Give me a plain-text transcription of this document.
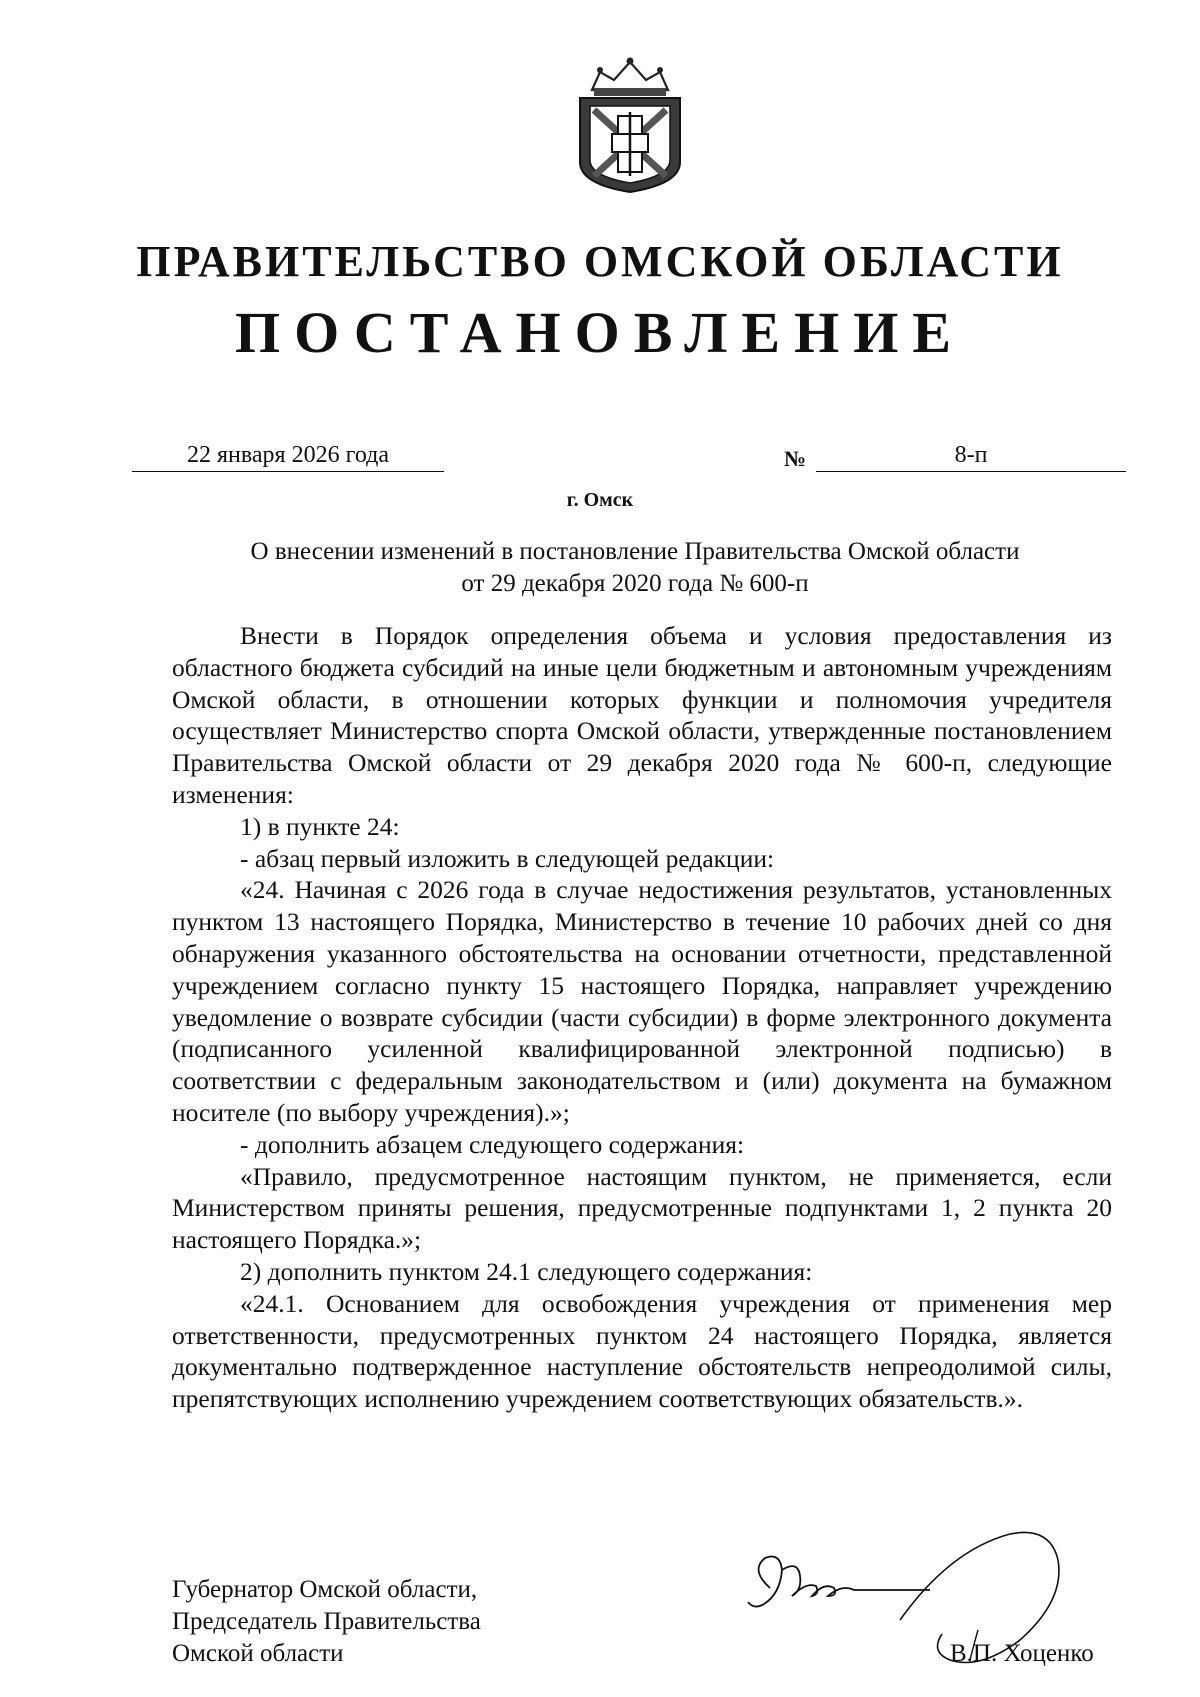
ПРАВИТЕЛЬСТВО ОМСКОЙ ОБЛАСТИ
ПОСТАНОВЛЕНИЕ
22 января 2026 года	№	8-п
г. Омск
О внесении изменений в постановление Правительства Омской области
от 29 декабря 2020 года № 600-п

Внести в Порядок определения объема и условия предоставления из областного бюджета субсидий на иные цели бюджетным и автономным учреждениям Омской области, в отношении которых функции и полномочия учредителя осуществляет Министерство спорта Омской области, утвержденные постановлением Правительства Омской области от 29 декабря 2020 года № 600-п, следующие изменения:

1) в пункте 24:

- абзац первый изложить в следующей редакции:

«24. Начиная с 2026 года в случае недостижения результатов, установленных пунктом 13 настоящего Порядка, Министерство в течение 10 рабочих дней со дня обнаружения указанного обстоятельства на основании отчетности, представленной учреждением согласно пункту 15 настоящего Порядка, направляет учреждению уведомление о возврате субсидии (части субсидии) в форме электронного документа (подписанного усиленной квалифицированной электронной подписью) в соответствии с федеральным законодательством и (или) документа на бумажном носителе (по выбору учреждения).»;

- дополнить абзацем следующего содержания:

«Правило, предусмотренное настоящим пунктом, не применяется, если Министерством приняты решения, предусмотренные подпунктами 1, 2 пункта 20 настоящего Порядка.»;

2) дополнить пунктом 24.1 следующего содержания:

«24.1. Основанием для освобождения учреждения от применения мер ответственности, предусмотренных пунктом 24 настоящего Порядка, является документально подтвержденное наступление обстоятельств непреодолимой силы, препятствующих исполнению учреждением соответствующих обязательств.».

Губернатор Омской области,
Председатель Правительства
Омской области	В.П. Хоценко
